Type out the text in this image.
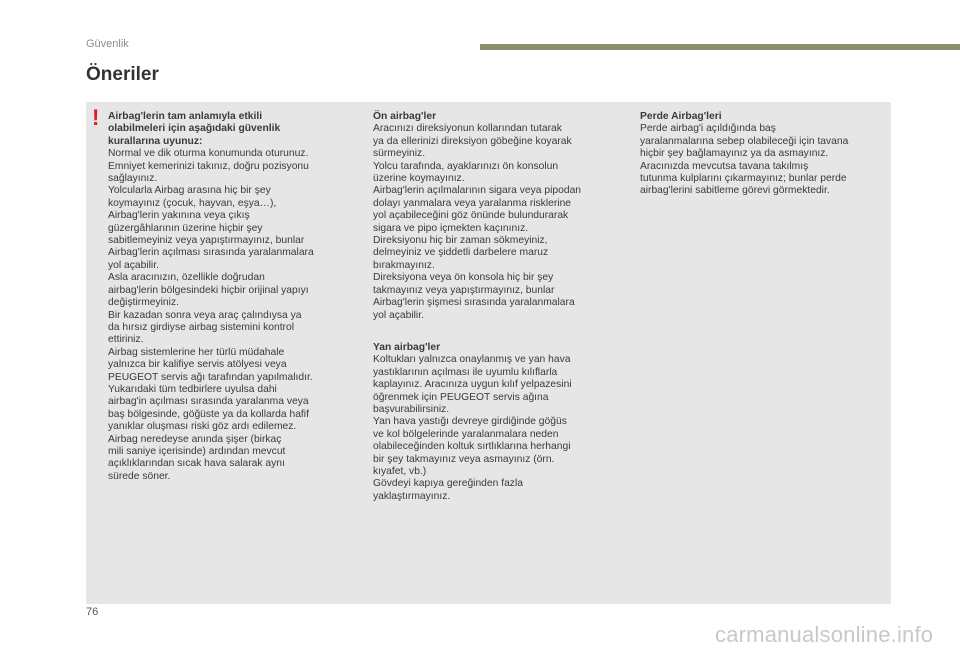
Güvenlik
Öneriler
! Airbag'lerin tam anlamıyla etkili
olabilmeleri için aşağıdaki güvenlik
kurallarına uyunuz:
Normal ve dik oturma konumunda oturunuz.
Emniyet kemerinizi takınız, doğru pozisyonu
sağlayınız.
Yolcularla Airbag arasına hiç bir şey
koymayınız (çocuk, hayvan, eşya…),
Airbag'lerin yakınına veya çıkış
güzergâhlarının üzerine hiçbir şey
sabitlemeyiniz veya yapıştırmayınız, bunlar
Airbag'lerin açılması sırasında yaralanmalara
yol açabilir.
Asla aracınızın, özellikle doğrudan
airbag'lerin bölgesindeki hiçbir orijinal yapıyı
değiştirmeyiniz.
Bir kazadan sonra veya araç çalındıysa ya
da hırsız girdiyse airbag sistemini kontrol
ettiriniz.
Airbag sistemlerine her türlü müdahale
yalnızca bir kalifiye servis atölyesi veya
PEUGEOT servis ağı tarafından yapılmalıdır.
Yukarıdaki tüm tedbirlere uyulsa dahi
airbag'in açılması sırasında yaralanma veya
baş bölgesinde, göğüste ya da kollarda hafif
yanıklar oluşması riski göz ardı edilemez.
Airbag neredeyse anında şişer (birkaç
mili saniye içerisinde) ardından mevcut
açıklıklarından sıcak hava salarak aynı
sürede söner.
Ön airbag'ler
Aracınızı direksiyonun kollarından tutarak
ya da ellerinizi direksiyon göbeğine koyarak
sürmeyiniz.
Yolcu tarafında, ayaklarınızı ön konsolun
üzerine koymayınız.
Airbag'lerin açılmalarının sigara veya pipodan
dolayı yanmalara veya yaralanma risklerine
yol açabileceğini göz önünde bulundurarak
sigara ve pipo içmekten kaçınınız.
Direksiyonu hiç bir zaman sökmeyiniz,
delmeyiniz ve şiddetli darbelere maruz
bırakmayınız.
Direksiyona veya ön konsola hiç bir şey
takmayınız veya yapıştırmayınız, bunlar
Airbag'lerin şişmesi sırasında yaralanmalara
yol açabilir.
Yan airbag'ler
Koltukları yalnızca onaylanmış ve yan hava
yastıklarının açılması ile uyumlu kılıflarla
kaplayınız. Aracınıza uygun kılıf yelpazesini
öğrenmek için PEUGEOT servis ağına
başvurabilirsiniz.
Yan hava yastığı devreye girdiğinde göğüs
ve kol bölgelerinde yaralanmalara neden
olabileceğinden koltuk sırtlıklarına herhangi
bir şey takmayınız veya asmayınız (örn.
kıyafet, vb.)
Gövdeyi kapıya gereğinden fazla
yaklaştırmayınız.
Perde Airbag'leri
Perde airbag'i açıldığında baş
yaralanmalarına sebep olabileceği için tavana
hiçbir şey bağlamayınız ya da asmayınız.
Aracınızda mevcutsa tavana takılmış
tutunma kulplarını çıkarmayınız; bunlar perde
airbag'lerini sabitleme görevi görmektedir.
76
carmanualsonline.info
